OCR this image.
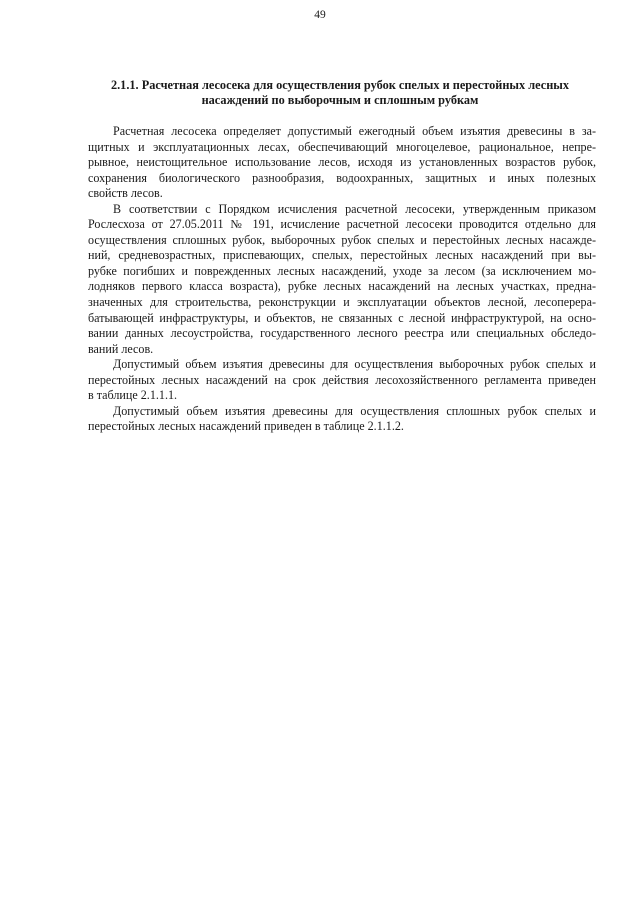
49
2.1.1. Расчетная лесосека для осуществления рубок спелых и перестойных лесных
насаждений по выборочным и сплошным рубкам
Расчетная лесосека определяет допустимый ежегодный объем изъятия древесины в за-
щитных и эксплуатационных лесах, обеспечивающий многоцелевое, рациональное, непре-
рывное, неистощительное использование лесов, исходя из установленных возрастов рубок,
сохранения биологического разнообразия, водоохранных, защитных и иных полезных
свойств лесов.
В соответствии с Порядком исчисления расчетной лесосеки, утвержденным приказом
Рослесхоза от 27.05.2011 № 191, исчисление расчетной лесосеки проводится отдельно для
осуществления сплошных рубок, выборочных рубок спелых и перестойных лесных насажде-
ний, средневозрастных, приспевающих, спелых, перестойных лесных насаждений при вы-
рубке погибших и поврежденных лесных насаждений, уходе за лесом (за исключением мо-
лодняков первого класса возраста), рубке лесных насаждений на лесных участках, предна-
значенных для строительства, реконструкции и эксплуатации объектов лесной, лесоперера-
батывающей инфраструктуры, и объектов, не связанных с лесной инфраструктурой, на осно-
вании данных лесоустройства, государственного лесного реестра или специальных обследо-
ваний лесов.
Допустимый объем изъятия древесины для осуществления выборочных рубок спелых и
перестойных лесных насаждений на срок действия лесохозяйственного регламента приведен
в таблице 2.1.1.1.
Допустимый объем изъятия древесины для осуществления сплошных рубок спелых и
перестойных лесных насаждений приведен в таблице 2.1.1.2.
